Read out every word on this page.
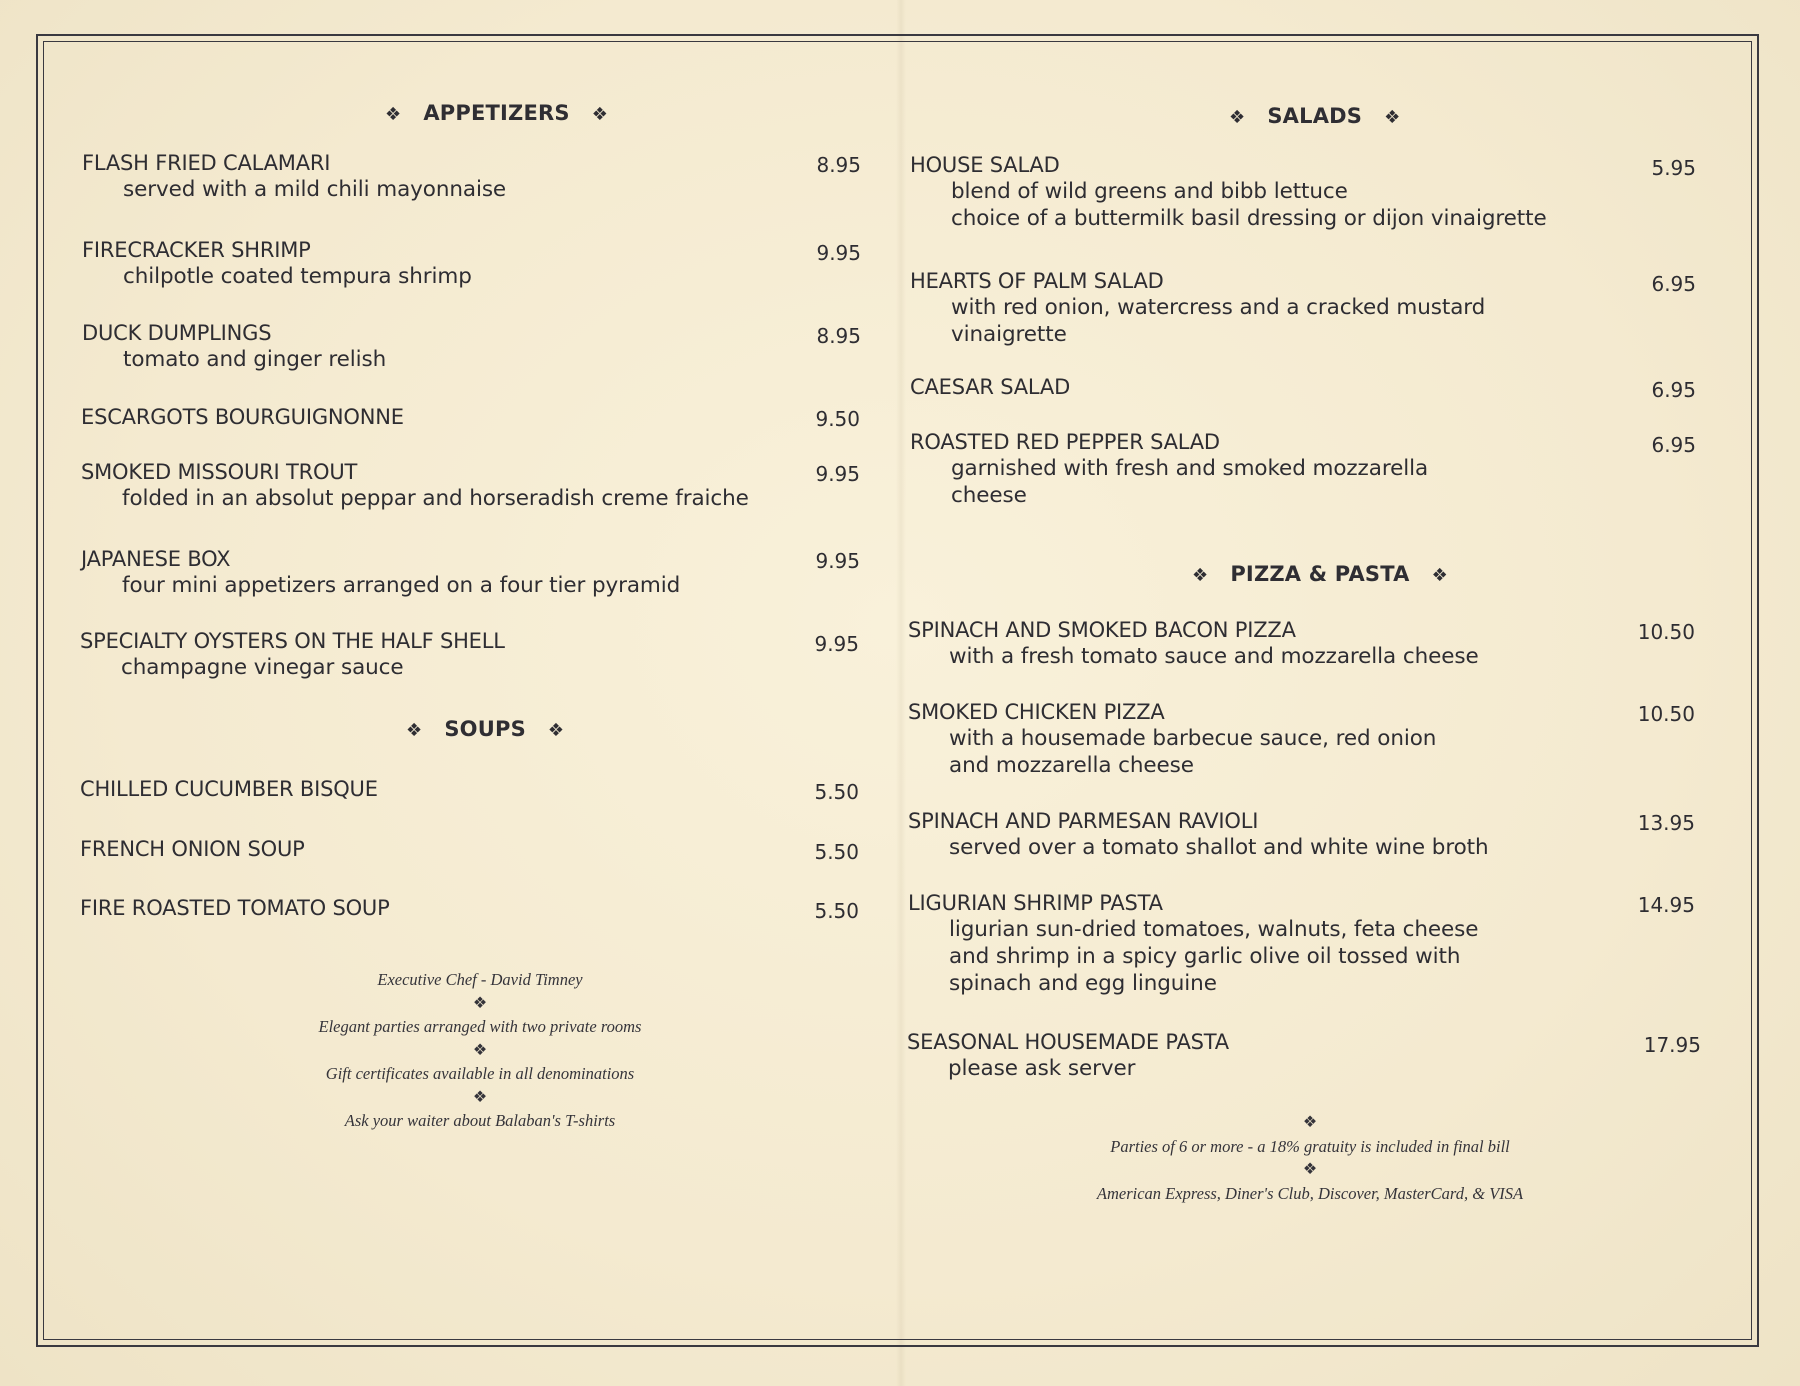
❖ APPETIZERS ❖
FLASH FRIED CALAMARI
served with a mild chili mayonnaise
8.95
FIRECRACKER SHRIMP
chilpotle coated tempura shrimp
9.95
DUCK DUMPLINGS
tomato and ginger relish
8.95
ESCARGOTS BOURGUIGNONNE	9.50
SMOKED MISSOURI TROUT
folded in an absolut peppar and horseradish creme fraiche
9.95
JAPANESE BOX
four mini appetizers arranged on a four tier pyramid
9.95
SPECIALTY OYSTERS ON THE HALF SHELL
champagne vinegar sauce
9.95
❖ SOUPS ❖
CHILLED CUCUMBER BISQUE	5.50
FRENCH ONION SOUP	5.50
FIRE ROASTED TOMATO SOUP	5.50
Executive Chef - David Timney
❖
Elegant parties arranged with two private rooms
❖
Gift certificates available in all denominations
❖
Ask your waiter about Balaban's T-shirts
❖ SALADS ❖
HOUSE SALAD
blend of wild greens and bibb lettuce
choice of a buttermilk basil dressing or dijon vinaigrette
5.95
HEARTS OF PALM SALAD
with red onion, watercress and a cracked mustard
vinaigrette
6.95
CAESAR SALAD	6.95
ROASTED RED PEPPER SALAD
garnished with fresh and smoked mozzarella
cheese
6.95
❖ PIZZA & PASTA ❖
SPINACH AND SMOKED BACON PIZZA
with a fresh tomato sauce and mozzarella cheese
10.50
SMOKED CHICKEN PIZZA
with a housemade barbecue sauce, red onion
and mozzarella cheese
10.50
SPINACH AND PARMESAN RAVIOLI
served over a tomato shallot and white wine broth
13.95
LIGURIAN SHRIMP PASTA
ligurian sun-dried tomatoes, walnuts, feta cheese
and shrimp in a spicy garlic olive oil tossed with
spinach and egg linguine
14.95
SEASONAL HOUSEMADE PASTA
please ask server
17.95
❖
Parties of 6 or more - a 18% gratuity is included in final bill
❖
American Express, Diner's Club, Discover, MasterCard, & VISA
